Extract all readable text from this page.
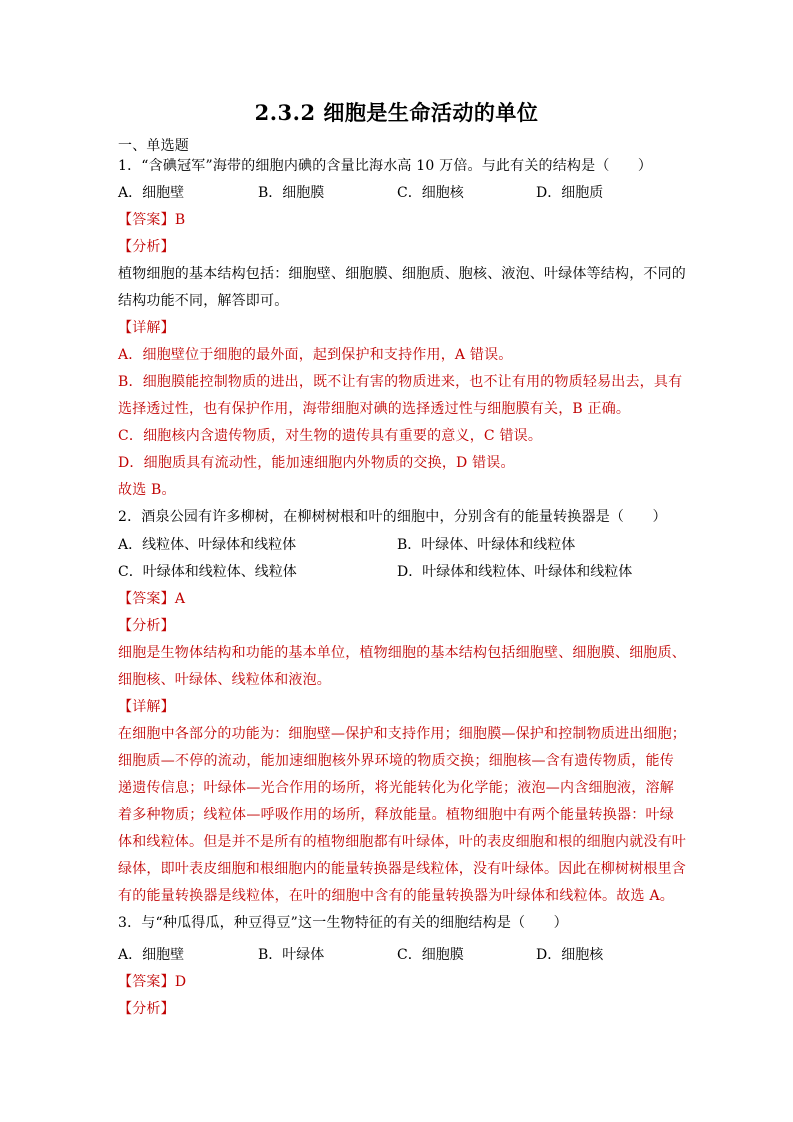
2.3.2 细胞是生命活动的单位
一、单选题
1．“含碘冠军”海带的细胞内碘的含量比海水高 10 万倍。与此有关的结构是（　　）
A．细胞壁	B．细胞膜	C．细胞核	D．细胞质
【答案】B
【分析】
植物细胞的基本结构包括：细胞壁、细胞膜、细胞质、胞核、液泡、叶绿体等结构，不同的
结构功能不同，解答即可。
【详解】
A．细胞壁位于细胞的最外面，起到保护和支持作用，A 错误。
B．细胞膜能控制物质的进出，既不让有害的物质进来，也不让有用的物质轻易出去，具有
选择透过性，也有保护作用，海带细胞对碘的选择透过性与细胞膜有关，B 正确。
C．细胞核内含遗传物质，对生物的遗传具有重要的意义，C 错误。
D．细胞质具有流动性，能加速细胞内外物质的交换，D 错误。
故选 B。
2．酒泉公园有许多柳树，在柳树树根和叶的细胞中，分别含有的能量转换器是（　　）
A．线粒体、叶绿体和线粒体	B．叶绿体、叶绿体和线粒体
C．叶绿体和线粒体、线粒体	D．叶绿体和线粒体、叶绿体和线粒体
【答案】A
【分析】
细胞是生物体结构和功能的基本单位，植物细胞的基本结构包括细胞壁、细胞膜、细胞质、
细胞核、叶绿体、线粒体和液泡。
【详解】
在细胞中各部分的功能为：细胞壁—保护和支持作用；细胞膜—保护和控制物质进出细胞；
细胞质—不停的流动，能加速细胞核外界环境的物质交换；细胞核—含有遗传物质，能传
递遗传信息；叶绿体—光合作用的场所，将光能转化为化学能；液泡—内含细胞液，溶解
着多种物质；线粒体—呼吸作用的场所，释放能量。植物细胞中有两个能量转换器：叶绿
体和线粒体。但是并不是所有的植物细胞都有叶绿体，叶的表皮细胞和根的细胞内就没有叶
绿体，即叶表皮细胞和根细胞内的能量转换器是线粒体，没有叶绿体。因此在柳树树根里含
有的能量转换器是线粒体，在叶的细胞中含有的能量转换器为叶绿体和线粒体。故选 A。
3．与“种瓜得瓜，种豆得豆”这一生物特征的有关的细胞结构是（　　）
A．细胞壁	B．叶绿体	C．细胞膜	D．细胞核
【答案】D
【分析】
